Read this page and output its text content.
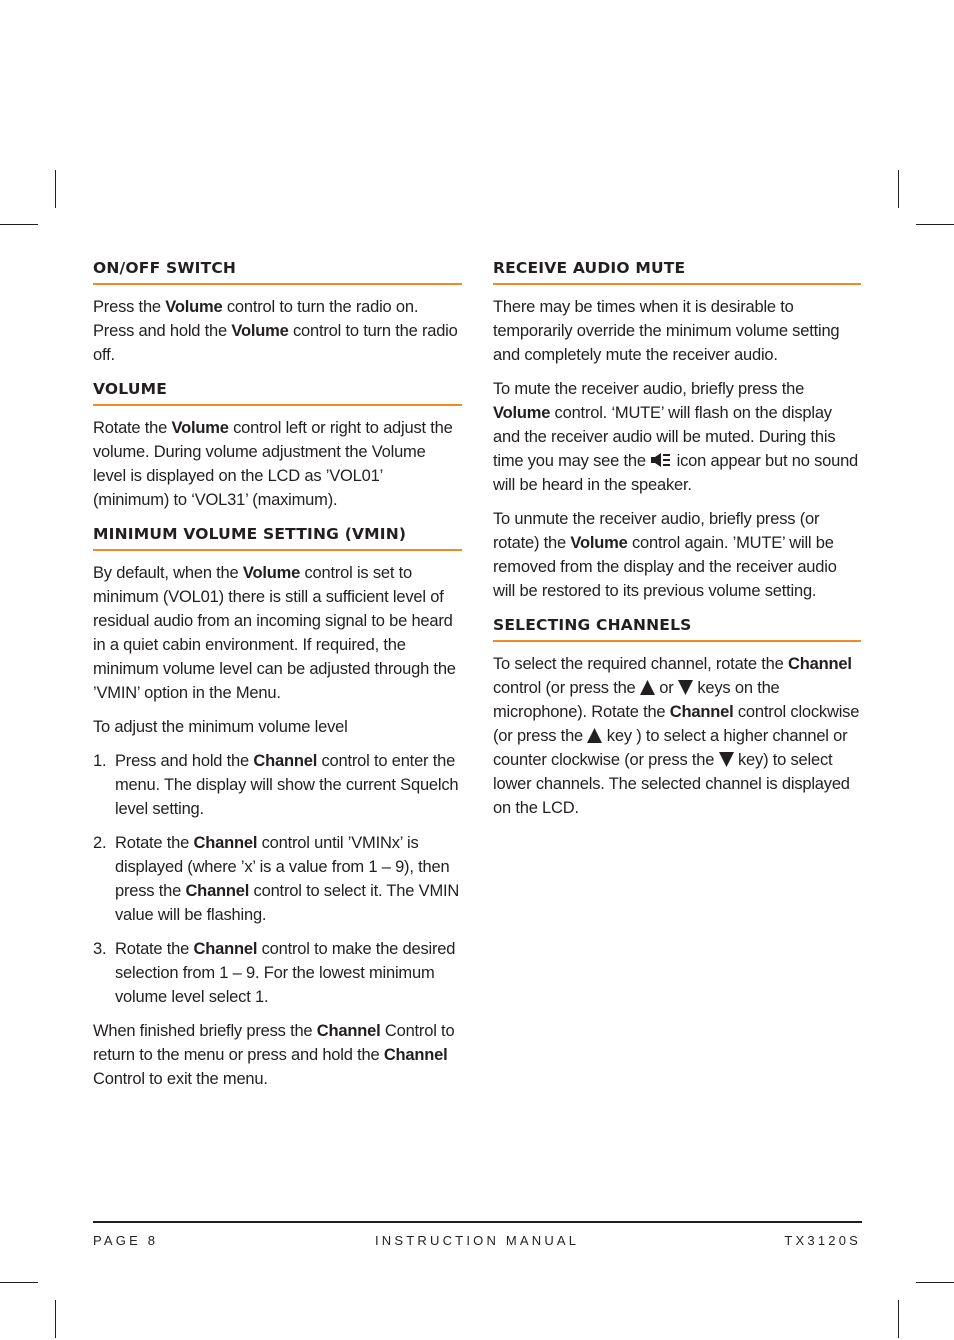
ON/OFF SWITCH

Press the Volume control to turn the radio on. Press and hold the Volume control to turn the radio off.

VOLUME

Rotate the Volume control left or right to adjust the volume. During volume adjustment the Volume level is displayed on the LCD as ’VOL01’ (minimum) to ‘VOL31’ (maximum).

MINIMUM VOLUME SETTING (VMIN)

By default, when the Volume control is set to minimum (VOL01) there is still a sufficient level of residual audio from an incoming signal to be heard in a quiet cabin environment. If required, the minimum volume level can be adjusted through the ’VMIN’ option in the Menu.

To adjust the minimum volume level

1. Press and hold the Channel control to enter the menu. The display will show the current Squelch level setting.
2. Rotate the Channel control until ’VMINx’ is displayed (where ’x’ is a value from 1 – 9), then press the Channel control to select it. The VMIN value will be flashing.
3. Rotate the Channel control to make the desired selection from 1 – 9. For the lowest minimum volume level select 1.

When finished briefly press the Channel Control to return to the menu or press and hold the Channel Control to exit the menu.

RECEIVE AUDIO MUTE

There may be times when it is desirable to temporarily override the minimum volume setting and completely mute the receiver audio.

To mute the receiver audio, briefly press the Volume control. ‘MUTE’ will flash on the display and the receiver audio will be muted. During this time you may see the  icon appear but no sound will be heard in the speaker.

To unmute the receiver audio, briefly press (or rotate) the Volume control again. ’MUTE’ will be removed from the display and the receiver audio will be restored to its previous volume setting.

SELECTING CHANNELS

To select the required channel, rotate the Channel control (or press the  or  keys on the microphone). Rotate the Channel control clockwise (or press the  key ) to select a higher channel or counter clockwise (or press the  key) to select lower channels. The selected channel is displayed on the LCD.

PAGE 8	INSTRUCTION MANUAL	TX3120S
